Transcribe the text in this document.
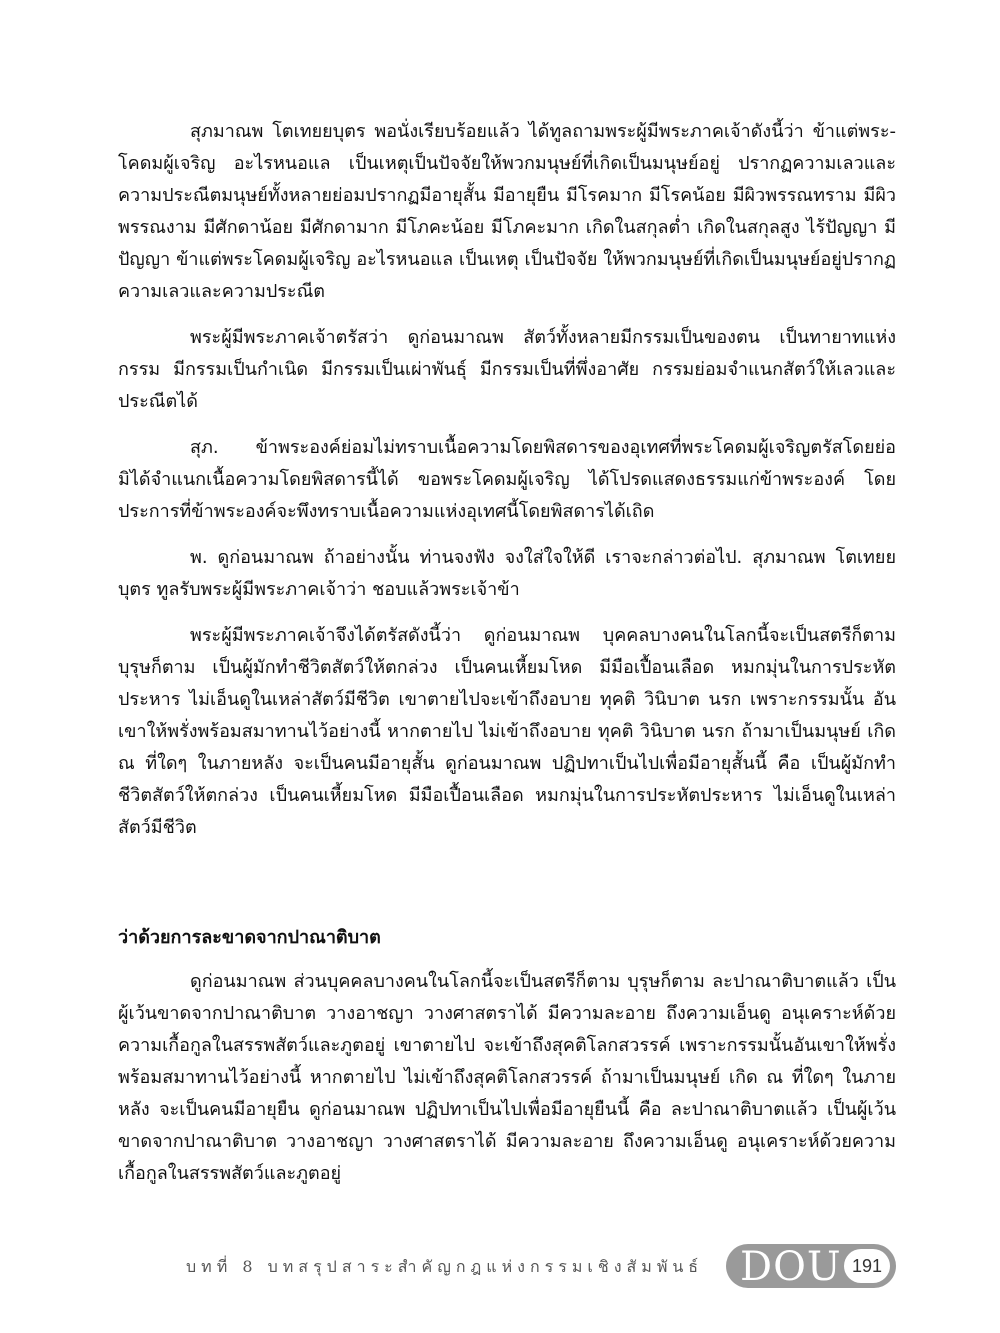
สุภมาณพ โตเทยยบุตร พอนั่งเรียบร้อยแล้ว ได้ทูลถามพระผู้มีพระภาคเจ้าดังนี้ว่า ข้าแต่พระ- โคดมผู้เจริญ อะไรหนอแล เป็นเหตุเป็นปัจจัยให้พวกมนุษย์ที่เกิดเป็นมนุษย์อยู่ ปรากฏความเลวและความประณีตมนุษย์ทั้งหลายย่อมปรากฏมีอายุสั้น มีอายุยืน มีโรคมาก มีโรคน้อย มีผิวพรรณทราม มีผิวพรรณงาม มีศักดาน้อย มีศักดามาก มีโภคะน้อย มีโภคะมาก เกิดในสกุลต่ำ เกิดในสกุลสูง ไร้ปัญญา มีปัญญา ข้าแต่พระโคดมผู้เจริญ อะไรหนอแล เป็นเหตุ เป็นปัจจัย ให้พวกมนุษย์ที่เกิดเป็นมนุษย์อยู่ปรากฏความเลวและความประณีต

พระผู้มีพระภาคเจ้าตรัสว่า ดูก่อนมาณพ สัตว์ทั้งหลายมีกรรมเป็นของตน เป็นทายาทแห่งกรรม มีกรรมเป็นกำเนิด มีกรรมเป็นเผ่าพันธุ์ มีกรรมเป็นที่พึ่งอาศัย กรรมย่อมจำแนกสัตว์ให้เลวและประณีตได้

สุภ. ข้าพระองค์ย่อมไม่ทราบเนื้อความโดยพิสดารของอุเทศที่พระโคดมผู้เจริญตรัสโดยย่อ มิได้จำแนกเนื้อความโดยพิสดารนี้ได้ ขอพระโคดมผู้เจริญ ได้โปรดแสดงธรรมแก่ข้าพระองค์ โดยประการที่ข้าพระองค์จะพึงทราบเนื้อความแห่งอุเทศนี้โดยพิสดารได้เถิด

พ. ดูก่อนมาณพ ถ้าอย่างนั้น ท่านจงฟัง จงใส่ใจให้ดี เราจะกล่าวต่อไป. สุภมาณพ โตเทยยบุตร ทูลรับพระผู้มีพระภาคเจ้าว่า ชอบแล้วพระเจ้าข้า

พระผู้มีพระภาคเจ้าจึงได้ตรัสดังนี้ว่า ดูก่อนมาณพ บุคคลบางคนในโลกนี้จะเป็นสตรีก็ตาม บุรุษก็ตาม เป็นผู้มักทำชีวิตสัตว์ให้ตกล่วง เป็นคนเหี้ยมโหด มีมือเปื้อนเลือด หมกมุ่นในการประหัตประหาร ไม่เอ็นดูในเหล่าสัตว์มีชีวิต เขาตายไปจะเข้าถึงอบาย ทุคติ วินิบาต นรก เพราะกรรมนั้น อันเขาให้พรั่งพร้อมสมาทานไว้อย่างนี้ หากตายไป ไม่เข้าถึงอบาย ทุคติ วินิบาต นรก ถ้ามาเป็นมนุษย์ เกิด ณ ที่ใดๆ ในภายหลัง จะเป็นคนมีอายุสั้น ดูก่อนมาณพ ปฏิปทาเป็นไปเพื่อมีอายุสั้นนี้ คือ เป็นผู้มักทำชีวิตสัตว์ให้ตกล่วง เป็นคนเหี้ยมโหด มีมือเปื้อนเลือด หมกมุ่นในการประหัตประหาร ไม่เอ็นดูในเหล่าสัตว์มีชีวิต

ว่าด้วยการละขาดจากปาณาติบาต

ดูก่อนมาณพ ส่วนบุคคลบางคนในโลกนี้จะเป็นสตรีก็ตาม บุรุษก็ตาม ละปาณาติบาตแล้ว เป็นผู้เว้นขาดจากปาณาติบาต วางอาชญา วางศาสตราได้ มีความละอาย ถึงความเอ็นดู อนุเคราะห์ด้วยความเกื้อกูลในสรรพสัตว์และภูตอยู่ เขาตายไป จะเข้าถึงสุคติโลกสวรรค์ เพราะกรรมนั้นอันเขาให้พรั่งพร้อมสมาทานไว้อย่างนี้ หากตายไป ไม่เข้าถึงสุคติโลกสวรรค์ ถ้ามาเป็นมนุษย์ เกิด ณ ที่ใดๆ ในภายหลัง จะเป็นคนมีอายุยืน ดูก่อนมาณพ ปฏิปทาเป็นไปเพื่อมีอายุยืนนี้ คือ ละปาณาติบาตแล้ว เป็นผู้เว้นขาดจากปาณาติบาต วางอาชญา วางศาสตราได้ มีความละอาย ถึงความเอ็นดู อนุเคราะห์ด้วยความเกื้อกูลในสรรพสัตว์และภูตอยู่

บทที่ 8 บทสรุปสาระสำคัญกฎแห่งกรรมเชิงสัมพันธ์ DOU 191
